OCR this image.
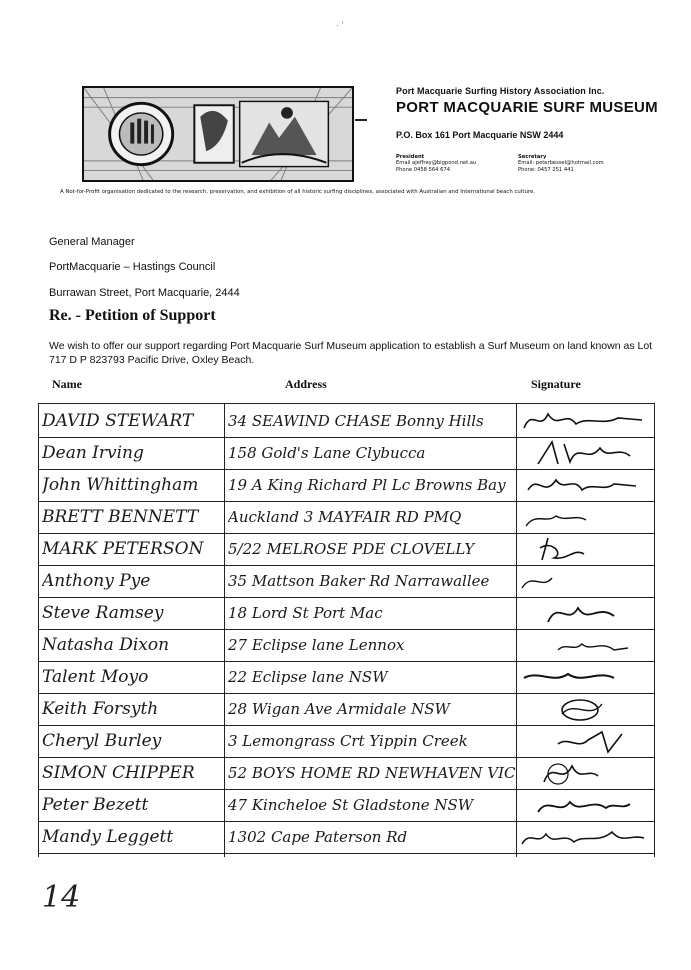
· ʻ
Port Macquarie Surfing History Association Inc.
PORT MACQUARIE SURF MUSEUM
P.O. Box 161 Port Macquarie NSW 2444
President
Email ajeffrey@bigpond.net.au
Phone 0458 564 674
Secretary
Email: peterbessel@hotmail.com
Phone: 0457 251 441
A Not-for-Profit organisation dedicated to the research, preservation, and exhibition of all historic surfing disciplines, associated with Australian and International beach culture.
General Manager
PortMacquarie – Hastings Council
Burrawan Street, Port Macquarie, 2444
Re. - Petition of Support
We wish to offer our support regarding Port Macquarie Surf Museum application to establish a Surf Museum on land known as Lot 717 D P 823793 Pacific Drive, Oxley Beach.
Name	Address	Signature
DAVID STEWART	34 SEAWIND CHASE Bonny Hills
Dean Irving	158 Gold's Lane Clybucca
John Whittingham	19 A King Richard Pl Lc Browns Bay
BRETT BENNETT	Auckland 3 MAYFAIR RD PMQ
MARK PETERSON	5/22 MELROSE PDE CLOVELLY
Anthony Pye	35 Mattson Baker Rd Narrawallee
Steve Ramsey	18 Lord St Port Mac
Natasha Dixon	27 Eclipse lane Lennox
Talent Moyo	22 Eclipse lane NSW
Keith Forsyth	28 Wigan Ave Armidale NSW
Cheryl Burley	3 Lemongrass Crt Yippin Creek
SIMON CHIPPER	52 BOYS HOME RD NEWHAVEN VIC
Peter Bezett	47 Kincheloe St Gladstone NSW
Mandy Leggett	1302 Cape Paterson Rd
14
